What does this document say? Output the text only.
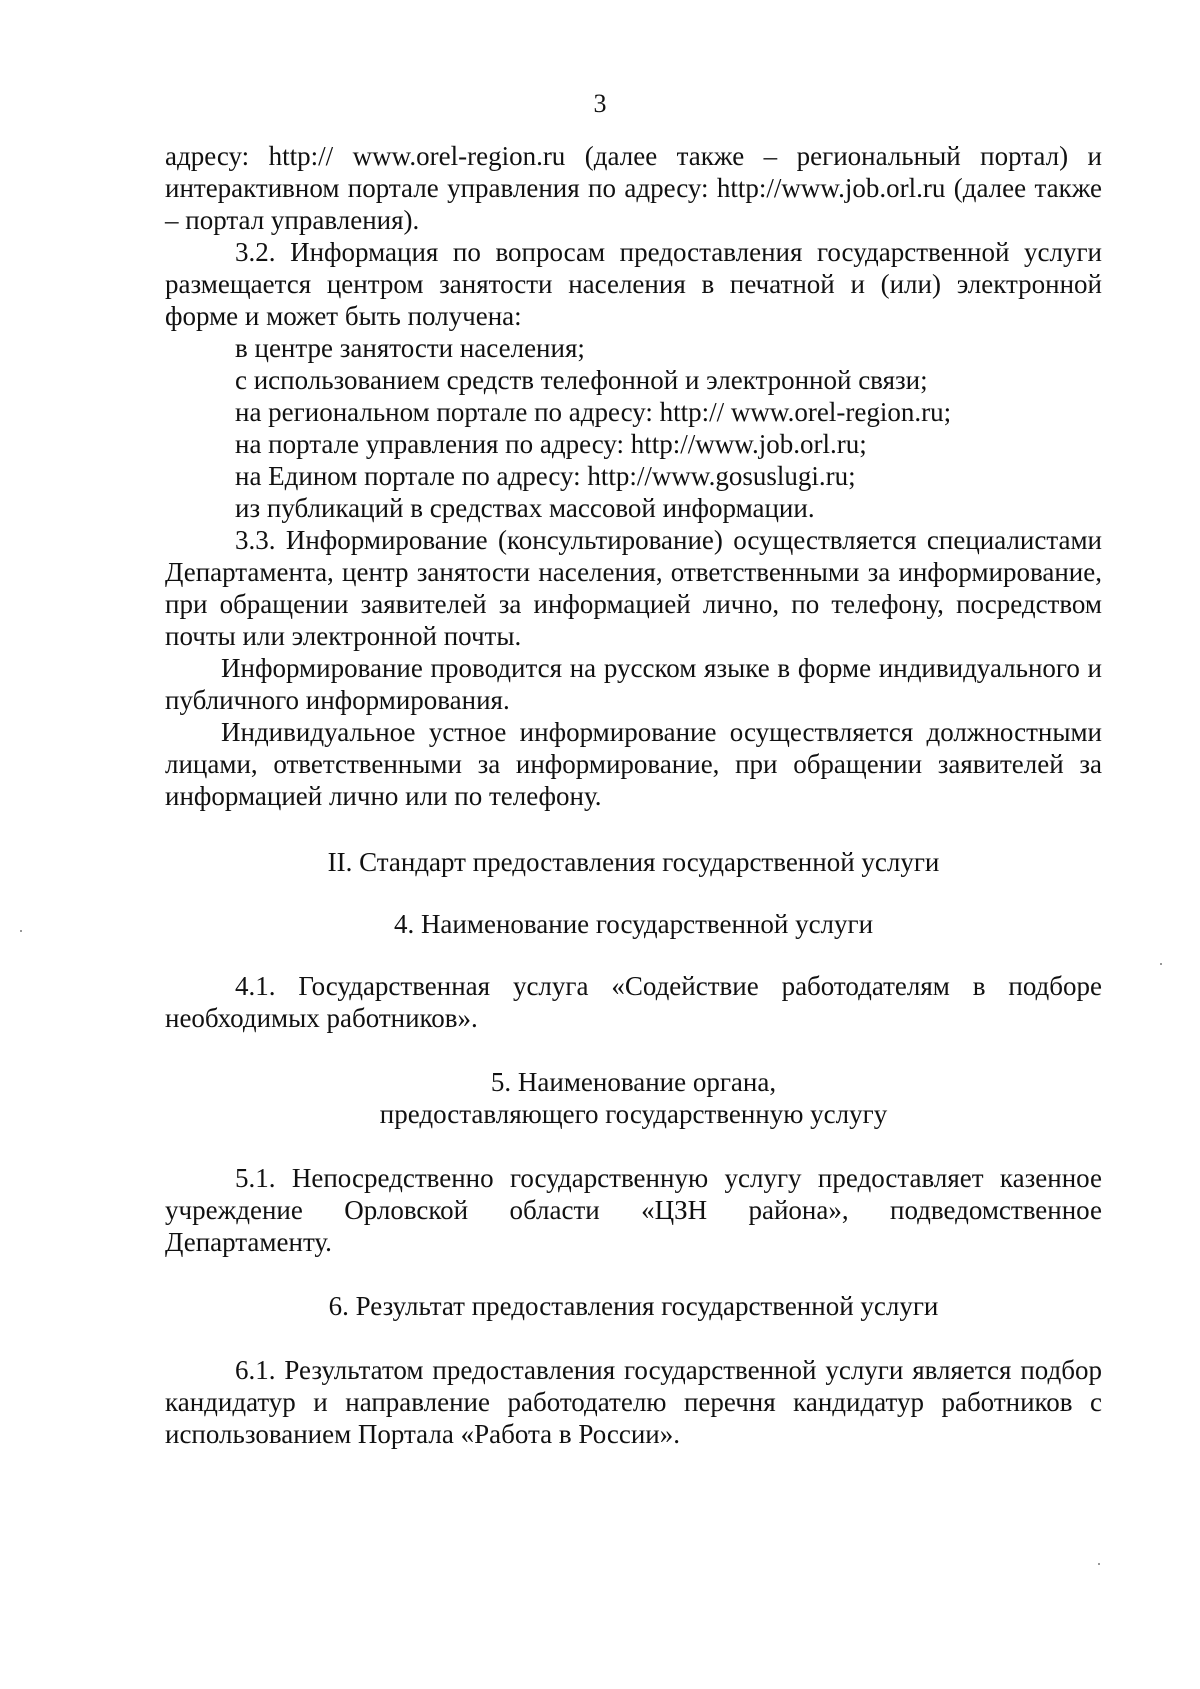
3

адресу: http:// www.orel-region.ru (далее также – региональный портал) и интерактивном портале управления по адресу: http://www.job.orl.ru (далее также – портал управления).

3.2. Информация по вопросам предоставления государственной услуги размещается центром занятости населения в печатной и (или) электронной форме и может быть получена:

в центре занятости населения;

с использованием средств телефонной и электронной связи;

на региональном портале по адресу: http:// www.orel-region.ru;

на портале управления по адресу: http://www.job.orl.ru;

на Едином портале по адресу: http://www.gosuslugi.ru;

из публикаций в средствах массовой информации.

3.3. Информирование (консультирование) осуществляется специалистами Департамента, центр занятости населения, ответственными за информирование, при обращении заявителей за информацией лично, по телефону, посредством почты или электронной почты.

Информирование проводится на русском языке в форме индивидуального и публичного информирования.

Индивидуальное устное информирование осуществляется должностными лицами, ответственными за информирование, при обращении заявителей за информацией лично или по телефону.

II. Стандарт предоставления государственной услуги

4. Наименование государственной услуги

4.1. Государственная услуга «Содействие работодателям в подборе необходимых работников».

5. Наименование органа,

предоставляющего государственную услугу

5.1. Непосредственно государственную услугу предоставляет казенное учреждение Орловской области «ЦЗН района», подведомственное Департаменту.

6. Результат предоставления государственной услуги

6.1. Результатом предоставления государственной услуги является подбор кандидатур и направление работодателю перечня кандидатур работников с использованием Портала «Работа в России».
